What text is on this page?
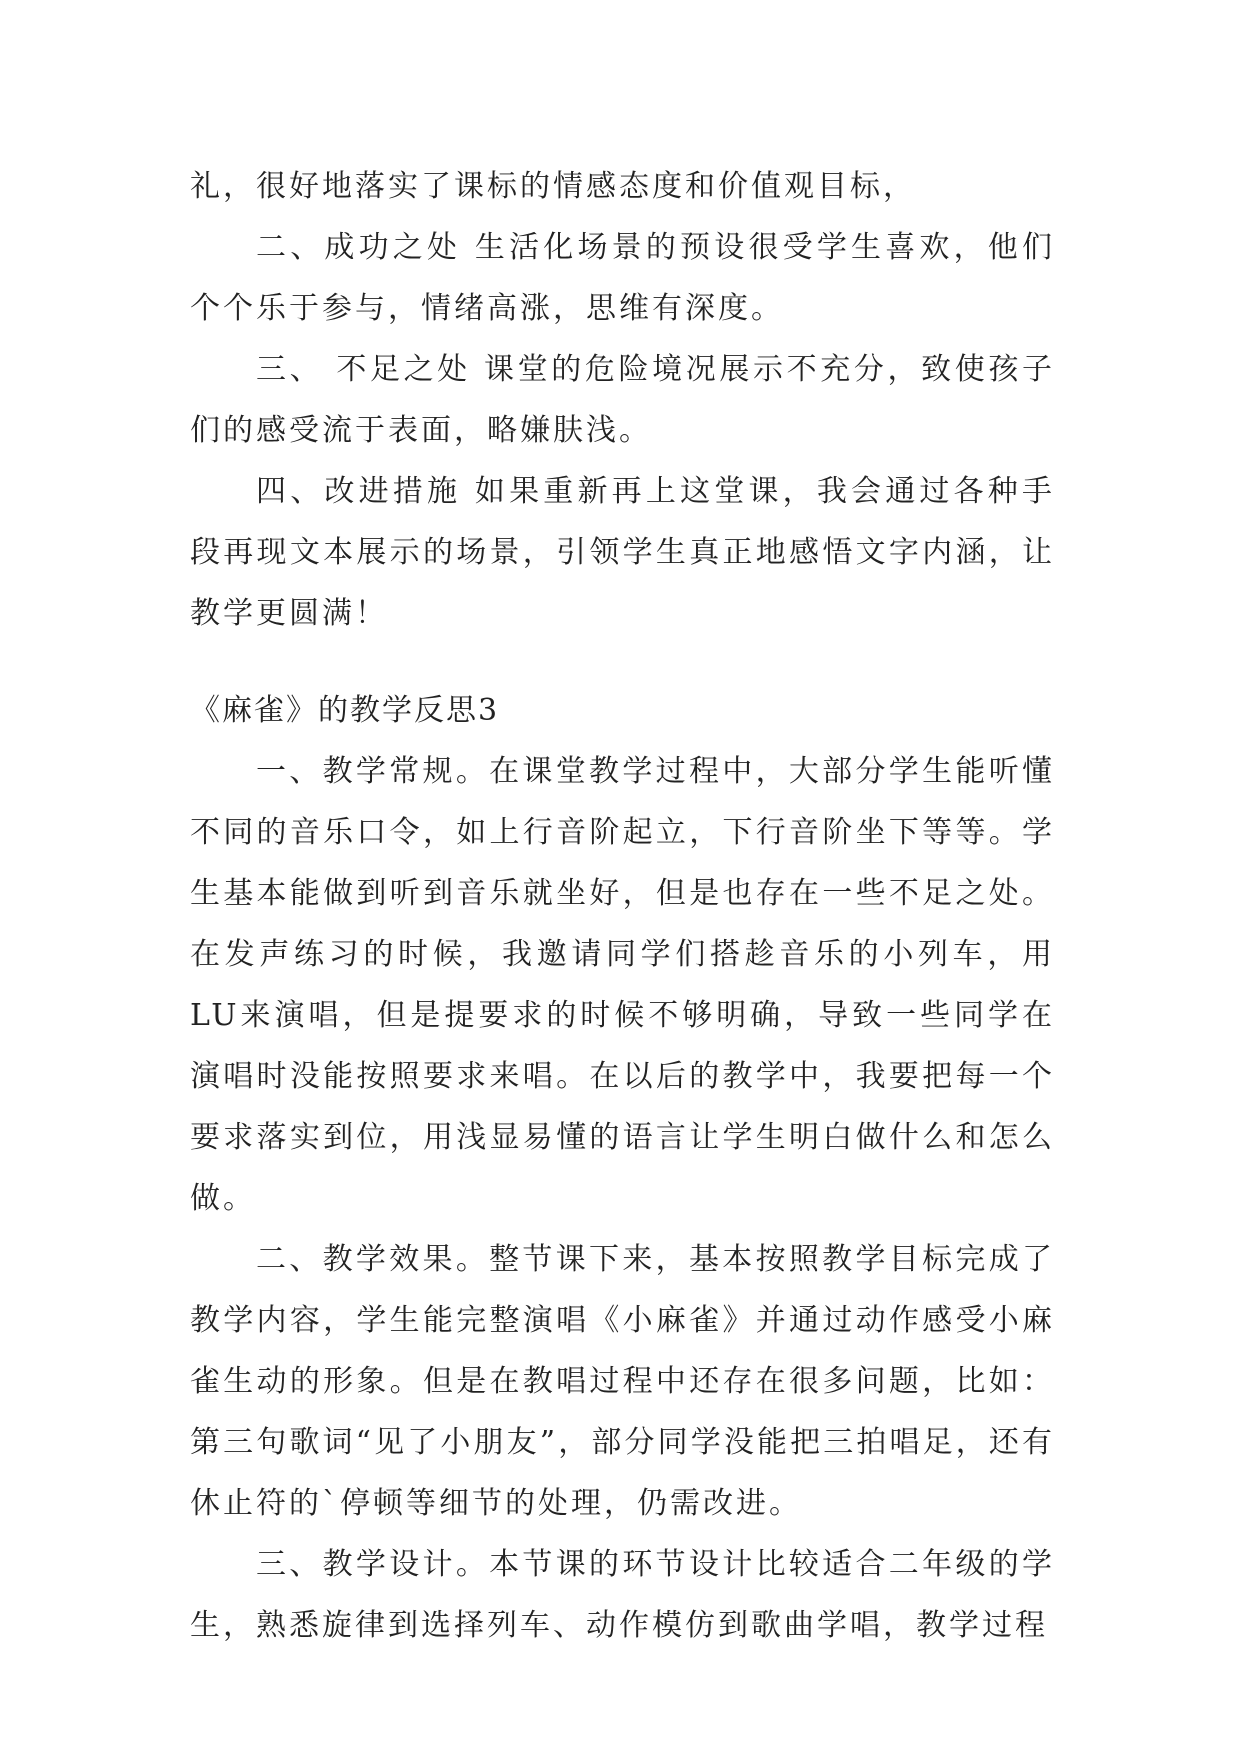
礼，很好地落实了课标的情感态度和价值观目标，

二、成功之处 生活化场景的预设很受学生喜欢，他们个个乐于参与，情绪高涨，思维有深度。

三、 不足之处 课堂的危险境况展示不充分，致使孩子们的感受流于表面，略嫌肤浅。

四、改进措施 如果重新再上这堂课，我会通过各种手段再现文本展示的场景，引领学生真正地感悟文字内涵，让教学更圆满！

《麻雀》的教学反思3

一、教学常规。在课堂教学过程中，大部分学生能听懂不同的音乐口令，如上行音阶起立，下行音阶坐下等等。学生基本能做到听到音乐就坐好，但是也存在一些不足之处。在发声练习的时候，我邀请同学们搭趁音乐的小列车，用LU来演唱，但是提要求的时候不够明确，导致一些同学在演唱时没能按照要求来唱。在以后的教学中，我要把每一个要求落实到位，用浅显易懂的语言让学生明白做什么和怎么做。

二、教学效果。整节课下来，基本按照教学目标完成了教学内容，学生能完整演唱《小麻雀》并通过动作感受小麻雀生动的形象。但是在教唱过程中还存在很多问题，比如：第三句歌词“见了小朋友”，部分同学没能把三拍唱足，还有休止符的`停顿等细节的处理，仍需改进。

三、教学设计。本节课的环节设计比较适合二年级的学生，熟悉旋律到选择列车、动作模仿到歌曲学唱，教学过程
